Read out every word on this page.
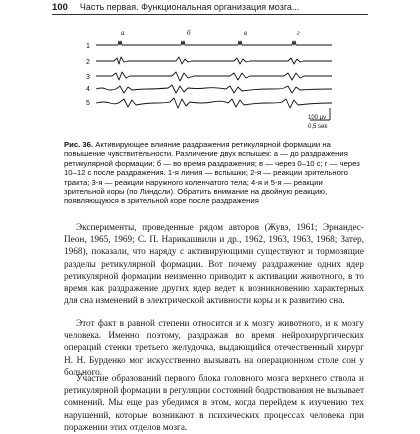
100 Часть первая. Функциональная организация мозга...
а	б	в	г
1
2
3
4
5
100 μv
0,5 sek
Рис. 36. Активирующее влияние раздражения ретикулярной формации на повышение чувствительности. Различение двух вспышек: а — до раздражения ретикулярной формации; б — во время раздражения; в — через 0–10 с; г — через 10–12 с после раздражения. 1-я линия — вспышки; 2-я — реакции зрительного тракта; 3-я — реакции наружного коленчатого тела; 4-я и 5-я — реакции зрительной коры (по Линдсли). Обратить внимание на двойную реакцию, появляющуюся в зрительной коре после раздражения

Эксперименты, проведенные рядом авторов (Жувэ, 1961; Эрнандес-Пеон, 1965, 1969; С. П. Нарикашвили и др., 1962, 1963, 1963, 1968; Затер, 1968), показали, что наряду с активирующими существуют и тормозящие разделы ретикулярной формации. Вот почему раздражение одних ядер ретикулярной формации неизменно приводит к активации животного, в то время как раздражение других ядер ведет к возникновению характерных для сна изменений в электрической активности коры и к развитию сна.

Этот факт в равной степени относится и к мозгу животного, и к мозгу человека. Именно поэтому, раздражая во время нейрохирургических операций стенки третьего желудочка, выдающийся отечественный хирург Н. Н. Бурденко мог искусственно вызывать на операционном столе сон у больного.

Участие образований первого блока головного мозга верхнего ствола и ретикулярной формации в регуляции состояний бодрствования не вызывает сомнений. Мы еще раз убедимся в этом, когда перейдем к изучению тех нарушений, которые возникают в психических процессах человека при поражении этих отделов мозга.
